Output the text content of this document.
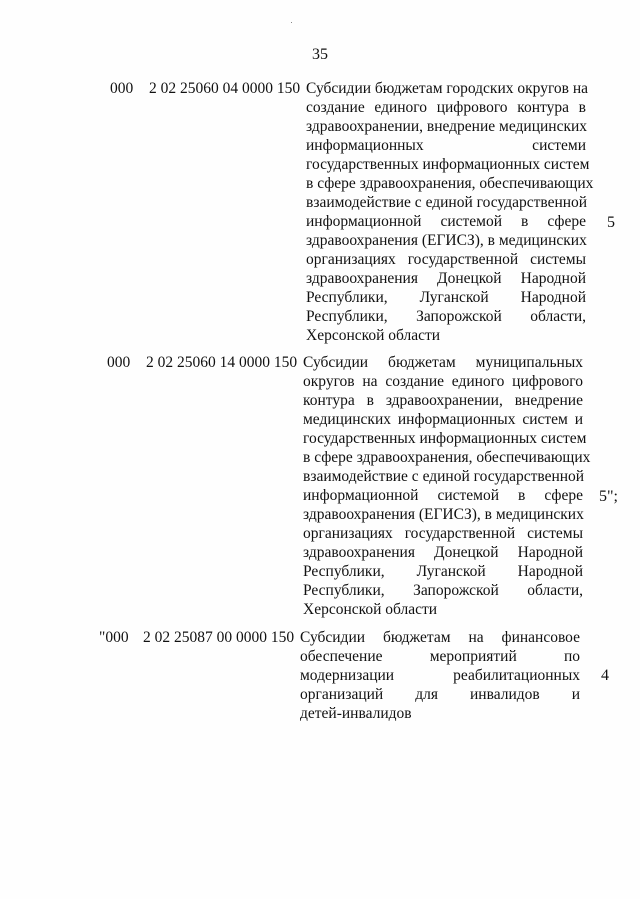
35
000 2 02 25060 04 0000 150 Субсидии бюджетам городских округов на
создание единого цифрового контура в
здравоохранении, внедрение медицинских
информационных системи
государственных информационных систем
в сфере здравоохранения, обеспечивающих
взаимодействие с единой государственной
информационной системой в сфере
здравоохранения (ЕГИСЗ), в медицинских
организациях государственной системы
здравоохранения Донецкой Народной
Республики, Луганской Народной
Республики, Запорожской области,
Херсонской области
5
000 2 02 25060 14 0000 150 Субсидии бюджетам муниципальных
округов на создание единого цифрового
контура в здравоохранении, внедрение
медицинских информационных систем и
государственных информационных систем
в сфере здравоохранения, обеспечивающих
взаимодействие с единой государственной
информационной системой в сфере
здравоохранения (ЕГИСЗ), в медицинских
организациях государственной системы
здравоохранения Донецкой Народной
Республики, Луганской Народной
Республики, Запорожской области,
Херсонской области
5";
"000 2 02 25087 00 0000 150 Субсидии бюджетам на финансовое
обеспечение мероприятий по
модернизации реабилитационных
организаций для инвалидов и
детей-инвалидов
4
